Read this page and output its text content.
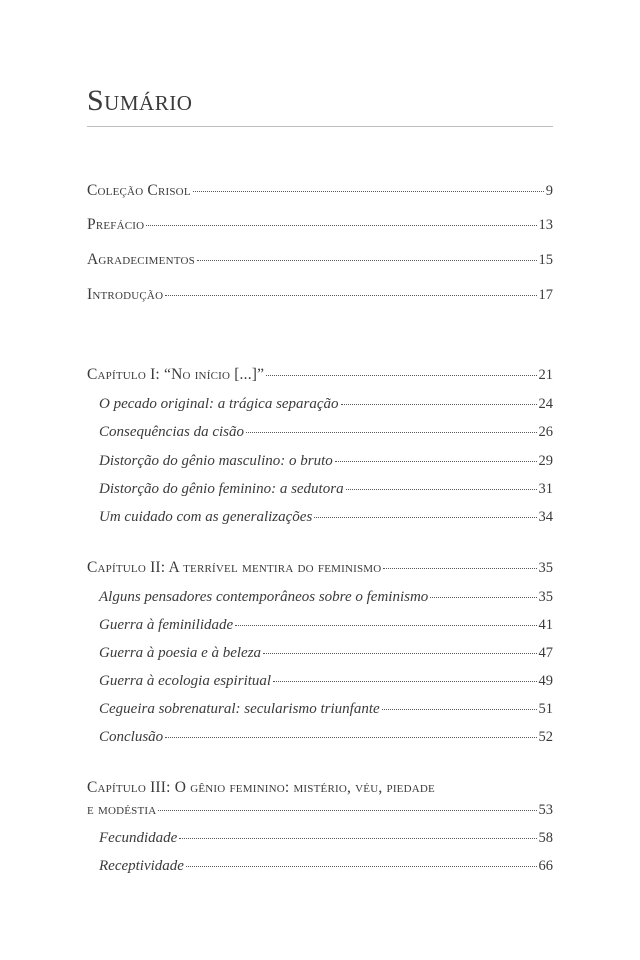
Sumário
Coleção Crisol	9
Prefácio	13
Agradecimentos	15
Introdução	17
Capítulo I: “No início [...]”	21
O pecado original: a trágica separação	24
Consequências da cisão	26
Distorção do gênio masculino: o bruto	29
Distorção do gênio feminino: a sedutora	31
Um cuidado com as generalizações	34
Capítulo II: A terrível mentira do feminismo	35
Alguns pensadores contemporâneos sobre o feminismo	35
Guerra à feminilidade	41
Guerra à poesia e à beleza	47
Guerra à ecologia espiritual	49
Cegueira sobrenatural: secularismo triunfante	51
Conclusão	52
Capítulo III: O gênio feminino: mistério, véu, piedade
e modéstia	53
Fecundidade	58
Receptividade	66
